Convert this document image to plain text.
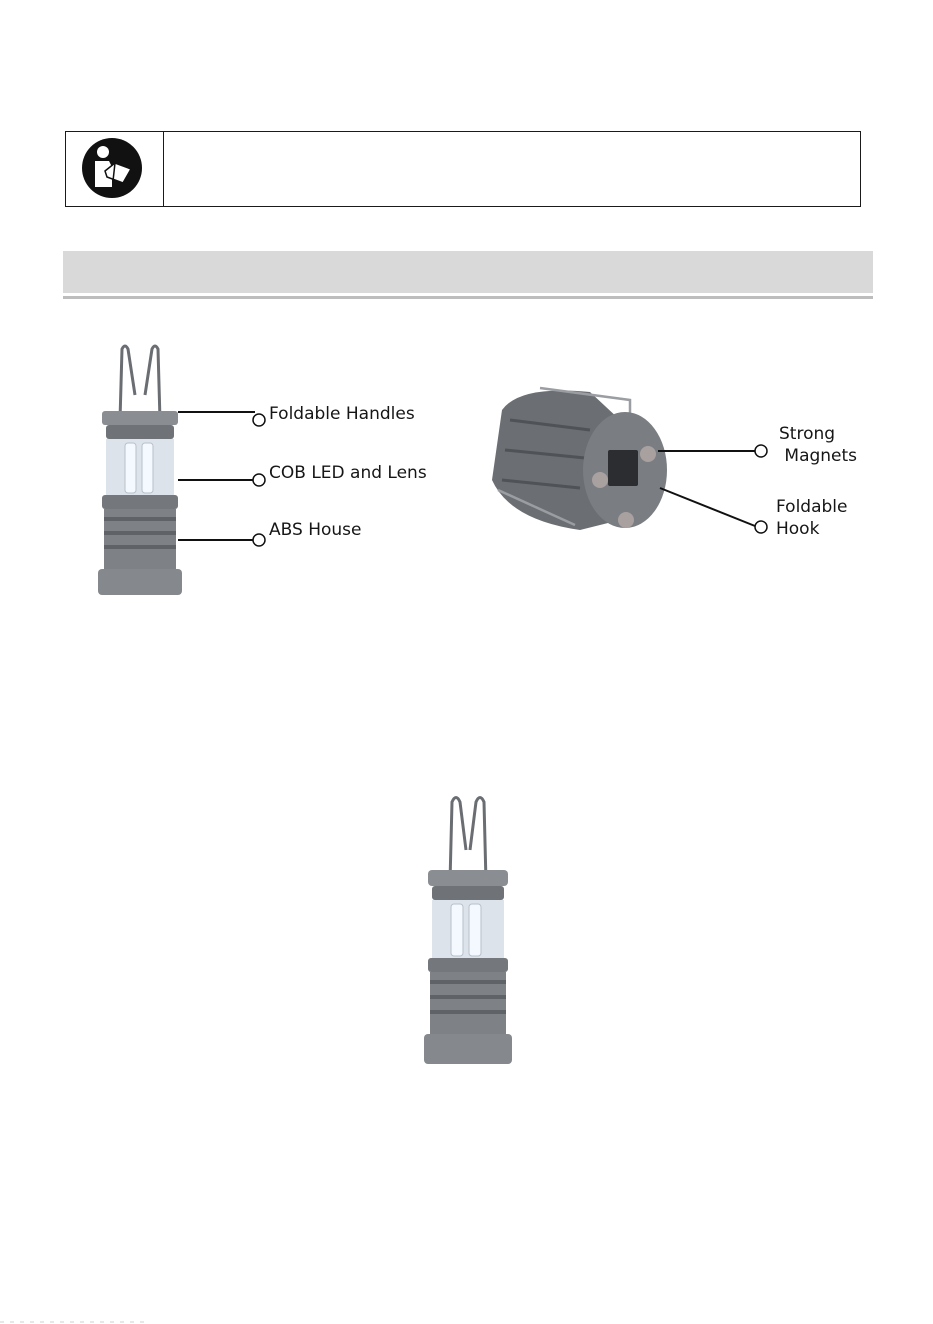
Foldable Handles
COB LED and Lens
ABS House
Strong
Magnets
Foldable
Hook
